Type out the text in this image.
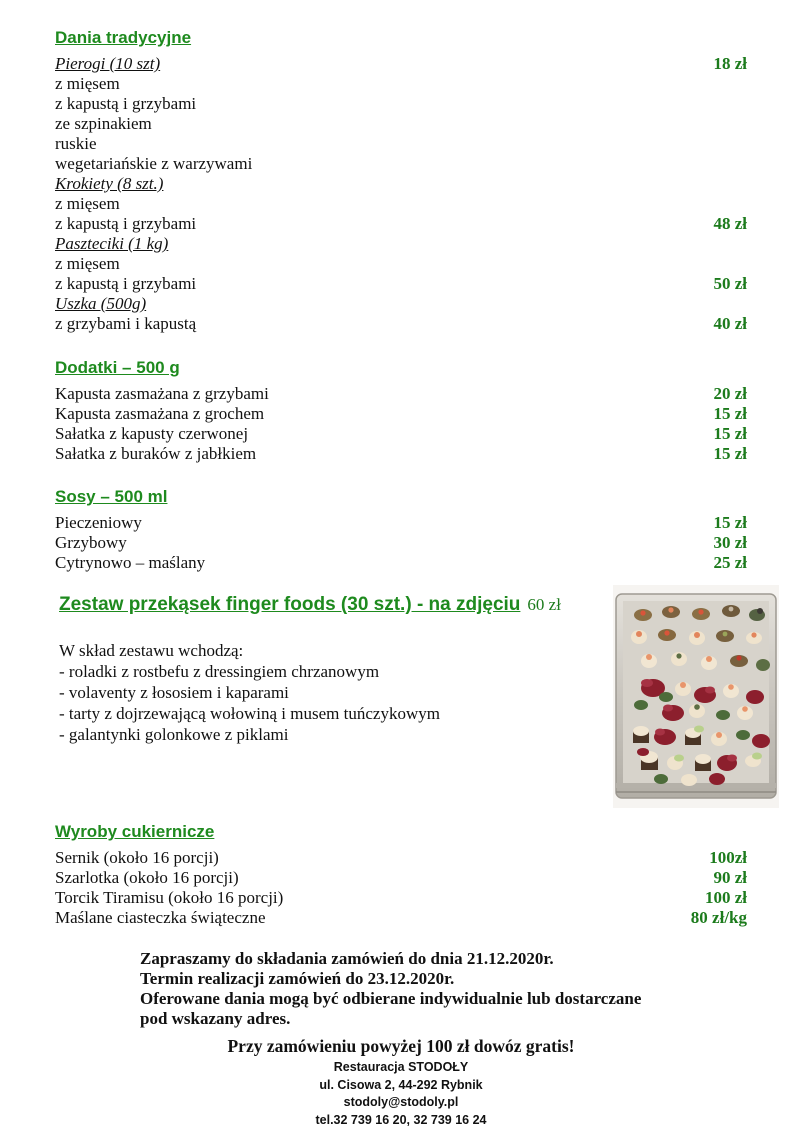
Dania tradycyjne
Pierogi (10 szt)	18 zł
z mięsem
z kapustą i grzybami
ze szpinakiem
ruskie
wegetariańskie z warzywami
Krokiety (8 szt.)
z mięsem
z kapustą i grzybami	48 zł
Paszteciki (1 kg)
z mięsem
z kapustą i grzybami	50 zł
Uszka (500g)
z grzybami i kapustą	40 zł
Dodatki – 500 g
Kapusta zasmażana z grzybami	20 zł
Kapusta zasmażana z grochem	15 zł
Sałatka z kapusty czerwonej	15 zł
Sałatka z buraków z jabłkiem	15 zł
Sosy – 500 ml
Pieczeniowy	15 zł
Grzybowy	30 zł
Cytrynowo – maślany	25 zł
Zestaw przekąsek finger foods (30 szt.) - na zdjęciu 60 zł
W skład zestawu wchodzą:
- roladki z rostbefu z dressingiem chrzanowym
- volaventy z łososiem i kaparami
- tarty z dojrzewającą wołowiną i musem tuńczykowym
- galantynki golonkowe z piklami
Wyroby cukiernicze
Sernik (około 16 porcji)	100zł
Szarlotka (około 16 porcji)	90 zł
Torcik Tiramisu (około 16 porcji)	100 zł
Maślane ciasteczka świąteczne	80 zł/kg
Zapraszamy do składania zamówień do dnia 21.12.2020r.
Termin realizacji zamówień do 23.12.2020r.
Oferowane dania mogą być odbierane indywidualnie lub dostarczane
pod wskazany adres.
Przy zamówieniu powyżej 100 zł dowóz gratis!
Restauracja STODOŁY
ul. Cisowa 2, 44-292 Rybnik
stodoly@stodoly.pl
tel.32 739 16 20, 32 739 16 24
